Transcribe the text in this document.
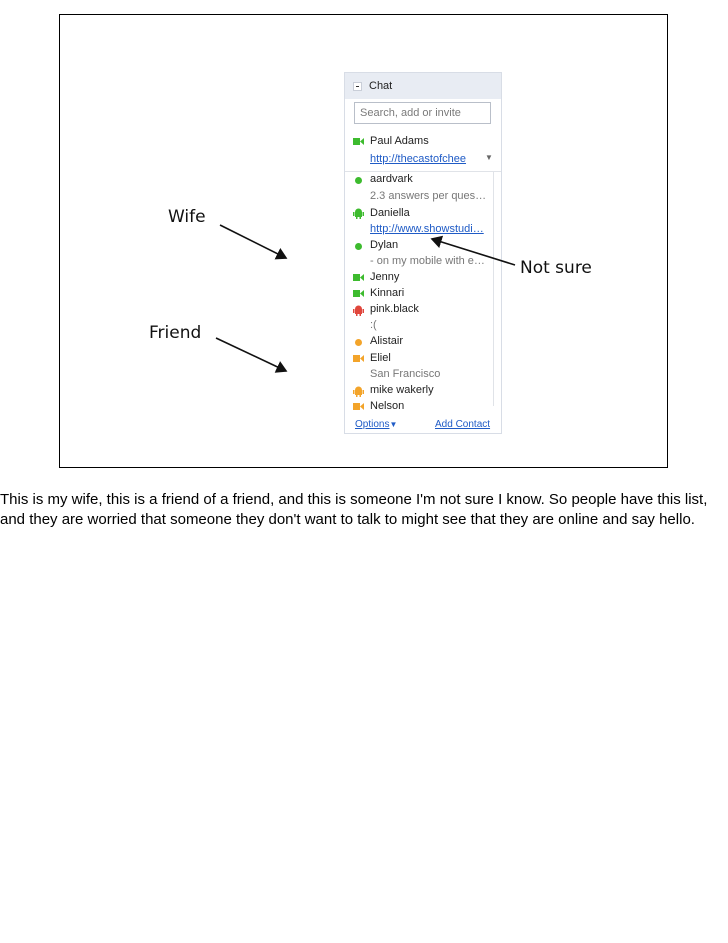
Chat
Search, add or invite
Paul Adams
http://thecastofchee ▼
aardvark
2.3 answers per ques…
Daniella
http://www.showstudi…
Dylan
- on my mobile with e…
Jenny
Kinnari
pink.black
:(
Alistair
Eliel
San Francisco
mike wakerly
Nelson
Options▼	Add Contact
Wife
Friend
Not sure
This is my wife, this is a friend of a friend, and this is someone I'm not sure I know. So people have this list, and they are worried that someone they don't want to talk to might see that they are online and say hello.
